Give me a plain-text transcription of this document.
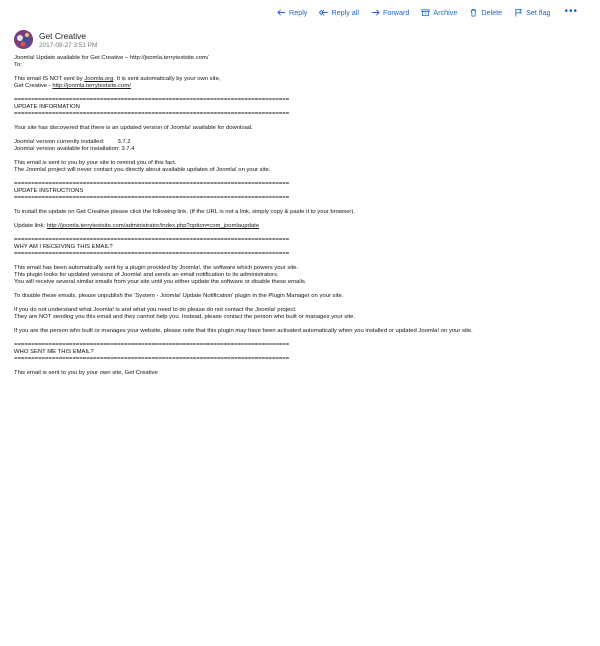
Reply	Reply all	Forward	Archive	Delete	Set flag •••
Get Creative
2017-09-27 3:51 PM

Joomla! Update available for Get Creative – http://joomla.terrytestsite.com/

To:

This email IS NOT sent by Joomla.org. It is sent automatically by your own site,

Get Creative - http://joomla.terrytestsite.com/

================================================================================

UPDATE INFORMATION

================================================================================

Your site has discovered that there is an updated version of Joomla! available for download.

Joomla! version currently installed:        3.7.2

Joomla! version available for installation: 3.7.4

This email is sent to you by your site to remind you of this fact.

The Joomla! project will never contact you directly about available updates of Joomla! on your site.

================================================================================

UPDATE INSTRUCTIONS

================================================================================

To install the update on Get Creative please click the following link. (If the URL is not a link, simply copy & paste it to your browser).

Update link: http://joomla.terrytestsite.com/administrator/index.php?option=com_joomlaupdate

================================================================================

WHY AM I RECEIVING THIS EMAIL?

================================================================================

This email has been automatically sent by a plugin provided by Joomla!, the software which powers your site.

This plugin looks for updated versions of Joomla! and sends an email notification to its administrators.

You will receive several similar emails from your site until you either update the software or disable these emails.

To disable these emails, please unpublish the 'System - Joomla! Update Notification' plugin in the Plugin Manager on your site.

If you do not understand what Joomla! is and what you need to do please do not contact the Joomla! project.

They are NOT sending you this email and they cannot help you. Instead, please contact the person who built or manages your site.

If you are the person who built or manages your website, please note that this plugin may have been activated automatically when you installed or updated Joomla! on your site.

================================================================================

WHO SENT ME THIS EMAIL?

================================================================================

This email is sent to you by your own site, Get Creative
